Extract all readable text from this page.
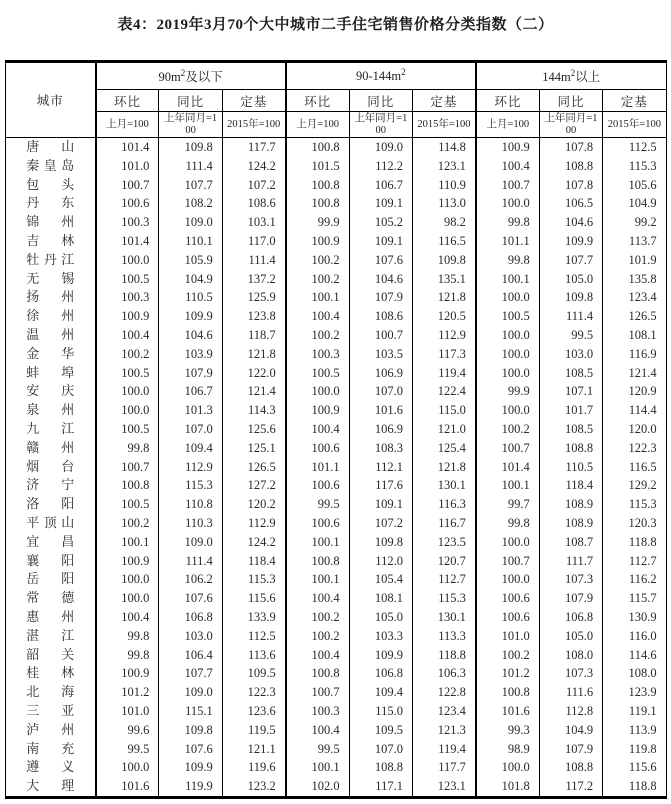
表4：2019年3月70个大中城市二手住宅销售价格分类指数（二）
城市	$90m^2$及以下			$90-144m^2$			$144m^2$以上		
	环比	同比	定基	环比	同比	定基	环比	同比	定基
	上月=100	上年同月=100	2015年=100	上月=100	上年同月=100	2015年=100	上月=100	上年同月=100	2015年=100
唐山	101.4	109.8	117.7	100.8	109.0	114.8	100.9	107.8	112.5
秦皇岛	101.0	111.4	124.2	101.5	112.2	123.1	100.4	108.8	115.3
包头	100.7	107.7	107.2	100.8	106.7	110.9	100.7	107.8	105.6
丹东	100.6	108.2	108.6	100.8	109.1	113.0	100.0	106.5	104.9
锦州	100.3	109.0	103.1	99.9	105.2	98.2	99.8	104.6	99.2
吉林	101.4	110.1	117.0	100.9	109.1	116.5	101.1	109.9	113.7
牡丹江	100.0	105.9	111.4	100.2	107.6	109.8	99.8	107.7	101.9
无锡	100.5	104.9	137.2	100.2	104.6	135.1	100.1	105.0	135.8
扬州	100.3	110.5	125.9	100.1	107.9	121.8	100.0	109.8	123.4
徐州	100.9	109.9	123.8	100.4	108.6	120.5	100.5	111.4	126.5
温州	100.4	104.6	118.7	100.2	100.7	112.9	100.0	99.5	108.1
金华	100.2	103.9	121.8	100.3	103.5	117.3	100.0	103.0	116.9
蚌埠	100.5	107.9	122.0	100.5	106.9	119.4	100.0	108.5	121.4
安庆	100.0	106.7	121.4	100.0	107.0	122.4	99.9	107.1	120.9
泉州	100.0	101.3	114.3	100.9	101.6	115.0	100.0	101.7	114.4
九江	100.5	107.0	125.6	100.4	106.9	121.0	100.2	108.5	120.0
赣州	99.8	109.4	125.1	100.6	108.3	125.4	100.7	108.8	122.3
烟台	100.7	112.9	126.5	101.1	112.1	121.8	101.4	110.5	116.5
济宁	100.8	115.3	127.2	100.6	117.6	130.1	100.1	118.4	129.2
洛阳	100.5	110.8	120.2	99.5	109.1	116.3	99.7	108.9	115.3
平顶山	100.2	110.3	112.9	100.6	107.2	116.7	99.8	108.9	120.3
宜昌	100.1	109.0	124.2	100.1	109.8	123.5	100.0	108.7	118.8
襄阳	100.9	111.4	118.4	100.8	112.0	120.7	100.7	111.7	112.7
岳阳	100.0	106.2	115.3	100.1	105.4	112.7	100.0	107.3	116.2
常德	100.0	107.6	115.6	100.4	108.1	115.3	100.6	107.9	115.7
惠州	100.4	106.8	133.9	100.2	105.0	130.1	100.6	106.8	130.9
湛江	99.8	103.0	112.5	100.2	103.3	113.3	101.0	105.0	116.0
韶关	99.8	106.4	113.6	100.4	109.9	118.8	100.2	108.0	114.6
桂林	100.9	107.7	109.5	100.8	106.8	106.3	101.2	107.3	108.0
北海	101.2	109.0	122.3	100.7	109.4	122.8	100.8	111.6	123.9
三亚	101.0	115.1	123.6	100.3	115.0	123.4	101.6	112.8	119.1
泸州	99.6	109.8	119.5	100.4	109.5	121.3	99.3	104.9	113.9
南充	99.5	107.6	121.1	99.5	107.0	119.4	98.9	107.9	119.8
遵义	100.0	109.9	119.6	100.1	108.8	117.7	100.0	108.8	115.6
大理	101.6	119.9	123.2	102.0	117.1	123.1	101.8	117.2	118.8
